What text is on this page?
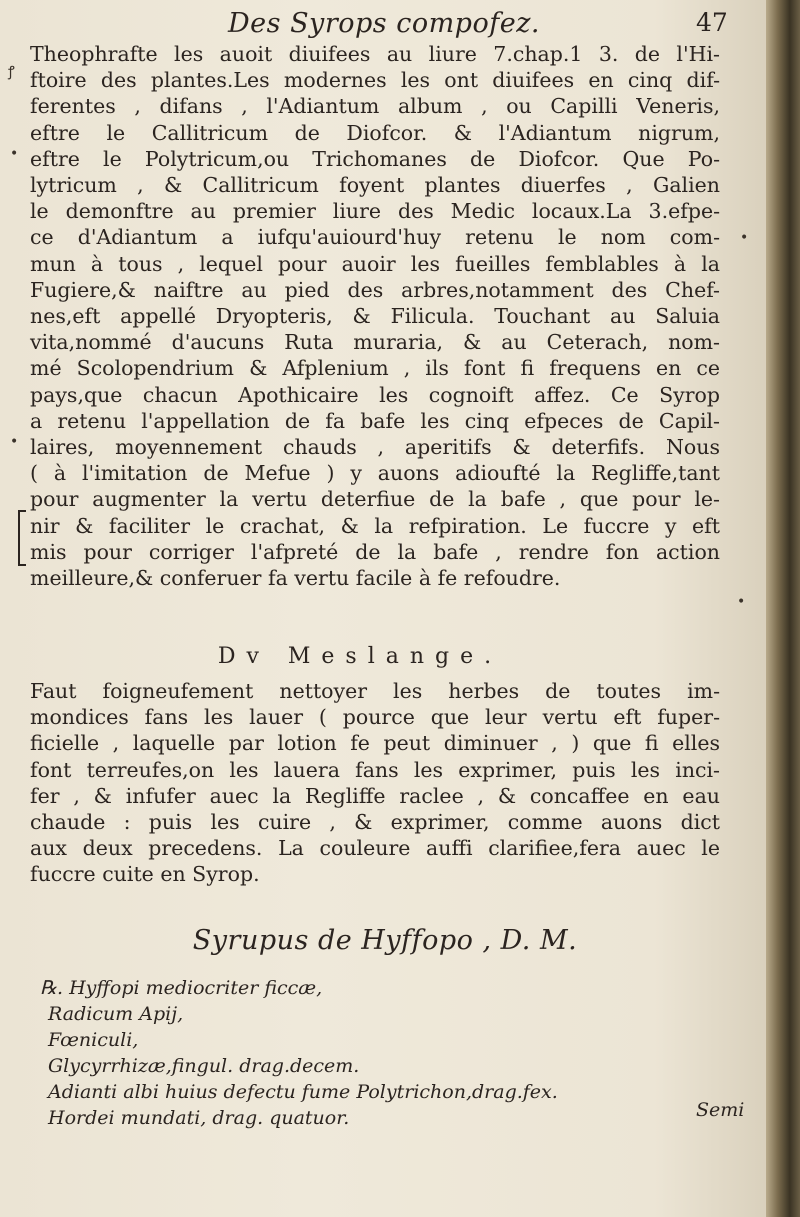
Des Syrops compofez.	47
Theophrafte les auoit diuifees au liure 7.chap.1 3. de l'Hi-
ftoire des plantes.Les modernes les ont diuifees en cinq dif-
ferentes , difans , l'Adiantum album , ou Capilli Veneris,
eftre le Callitricum de Diofcor. & l'Adiantum nigrum,
eftre le Polytricum,ou Trichomanes de Diofcor. Que Po-
lytricum , & Callitricum foyent plantes diuerfes , Galien
le demonftre au premier liure des Medic locaux.La 3.efpe-
ce d'Adiantum a iufqu'auiourd'huy retenu le nom com-
mun à tous , lequel pour auoir les fueilles femblables à la
Fugiere,& naiftre au pied des arbres,notamment des Chef-
nes,eft appellé Dryopteris, & Filicula. Touchant au Saluia
vita,nommé d'aucuns Ruta muraria, & au Ceterach, nom-
mé Scolopendrium & Afplenium , ils font fi frequens en ce
pays,que chacun Apothicaire les cognoift affez. Ce Syrop
a retenu l'appellation de fa bafe les cinq efpeces de Capil-
laires, moyennement chauds , aperitifs & deterfifs. Nous
( à l'imitation de Mefue ) y auons adioufté la Regliffe,tant
pour augmenter la vertu deterfiue de la bafe , que pour le-
nir & faciliter le crachat, & la refpiration. Le fuccre y eft
mis pour corriger l'afpreté de la bafe , rendre fon action
meilleure,& conferuer fa vertu facile à fe refoudre.
Dv Meslange.
Faut foigneufement nettoyer les herbes de toutes im-
mondices fans les lauer ( pource que leur vertu eft fuper-
ficielle , laquelle par lotion fe peut diminuer , ) que fi elles
font terreufes,on les lauera fans les exprimer, puis les inci-
fer , & infufer auec la Regliffe raclee , & concaffee en eau
chaude : puis les cuire , & exprimer, comme auons dict
aux deux precedens. La couleure auffi clarifiee,fera auec le
fuccre cuite en Syrop.
Syrupus de Hyffopo , D. M.
℞. Hyffopi mediocriter ficcæ,
Radicum Apij,
Fœniculi,
Glycyrrhizæ,fingul. drag.decem.
Adianti albi huius defectu fume Polytrichon,drag.fex.
Hordei mundati, drag. quatuor.	Semi
ꝭ
•
•
•
•
